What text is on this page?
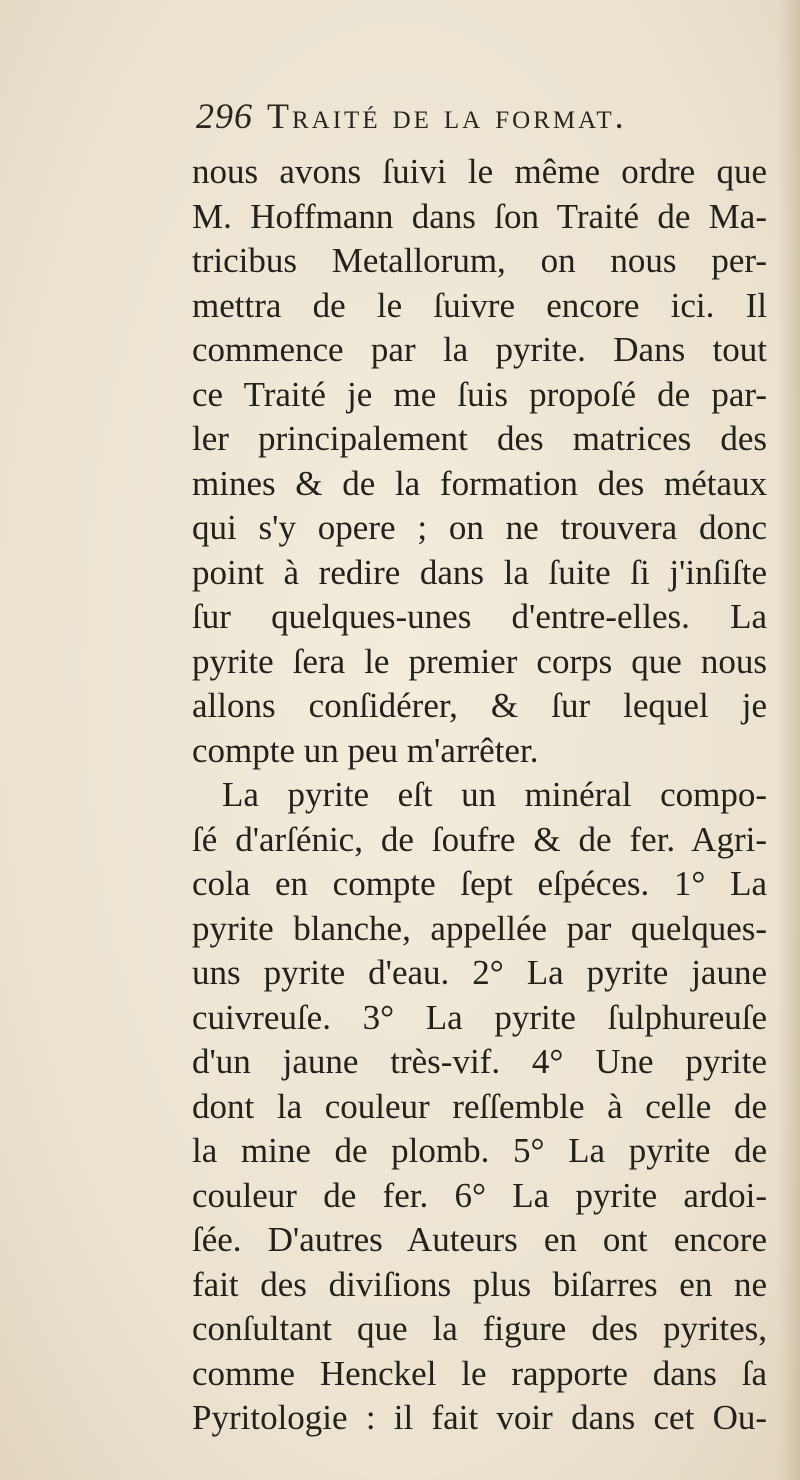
296 Traité de la format.
nous avons ſuivi le même ordre que
M. Hoffmann dans ſon Traité de Ma-
tricibus Metallorum, on nous per-
mettra de le ſuivre encore ici. Il
commence par la pyrite. Dans tout
ce Traité je me ſuis propoſé de par-
ler principalement des matrices des
mines & de la formation des métaux
qui s'y opere ; on ne trouvera donc
point à redire dans la ſuite ſi j'inſiſte
ſur quelques-unes d'entre-elles. La
pyrite ſera le premier corps que nous
allons conſidérer, & ſur lequel je
compte un peu m'arrêter.
La pyrite eſt un minéral compo-
ſé d'arſénic, de ſoufre & de fer. Agri-
cola en compte ſept eſpéces. 1° La
pyrite blanche, appellée par quelques-
uns pyrite d'eau. 2° La pyrite jaune
cuivreuſe. 3° La pyrite ſulphureuſe
d'un jaune très-vif. 4° Une pyrite
dont la couleur reſſemble à celle de
la mine de plomb. 5° La pyrite de
couleur de fer. 6° La pyrite ardoi-
ſée. D'autres Auteurs en ont encore
fait des diviſions plus biſarres en ne
conſultant que la figure des pyrites,
comme Henckel le rapporte dans ſa
Pyritologie : il fait voir dans cet Ou-
